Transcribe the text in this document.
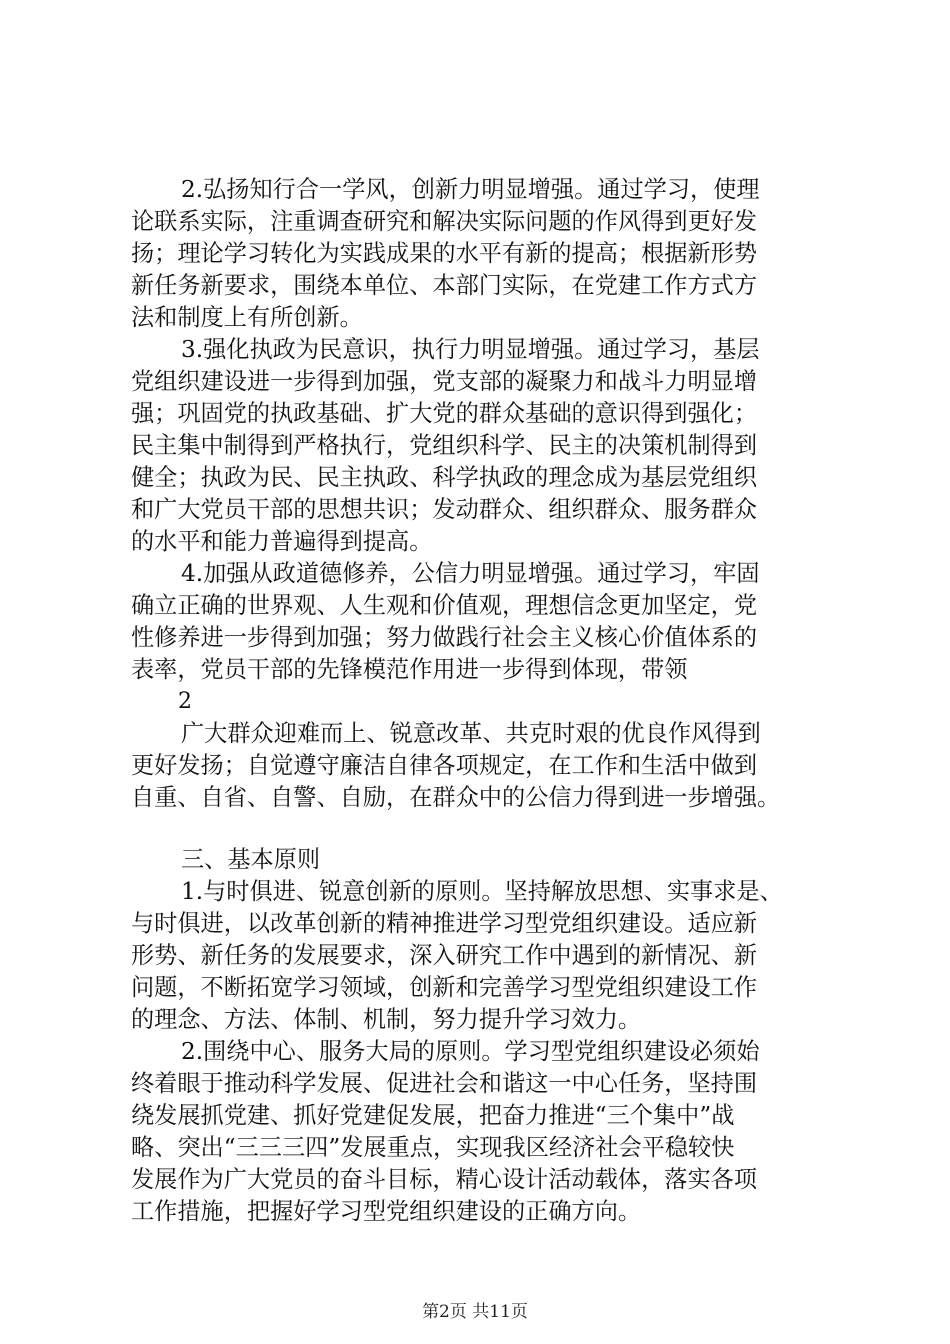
2.弘扬知行合一学风，创新力明显增强。通过学习，使理
论联系实际，注重调查研究和解决实际问题的作风得到更好发
扬；理论学习转化为实践成果的水平有新的提高；根据新形势
新任务新要求，围绕本单位、本部门实际，在党建工作方式方
法和制度上有所创新。
3.强化执政为民意识，执行力明显增强。通过学习，基层
党组织建设进一步得到加强，党支部的凝聚力和战斗力明显增
强；巩固党的执政基础、扩大党的群众基础的意识得到强化；
民主集中制得到严格执行，党组织科学、民主的决策机制得到
健全；执政为民、民主执政、科学执政的理念成为基层党组织
和广大党员干部的思想共识；发动群众、组织群众、服务群众
的水平和能力普遍得到提高。
4.加强从政道德修养，公信力明显增强。通过学习，牢固
确立正确的世界观、人生观和价值观，理想信念更加坚定，党
性修养进一步得到加强；努力做践行社会主义核心价值体系的
表率，党员干部的先锋模范作用进一步得到体现，带领
2
广大群众迎难而上、锐意改革、共克时艰的优良作风得到
更好发扬；自觉遵守廉洁自律各项规定，在工作和生活中做到
自重、自省、自警、自励，在群众中的公信力得到进一步增强。
三、基本原则
1.与时俱进、锐意创新的原则。坚持解放思想、实事求是、
与时俱进，以改革创新的精神推进学习型党组织建设。适应新
形势、新任务的发展要求，深入研究工作中遇到的新情况、新
问题，不断拓宽学习领域，创新和完善学习型党组织建设工作
的理念、方法、体制、机制，努力提升学习效力。
2.围绕中心、服务大局的原则。学习型党组织建设必须始
终着眼于推动科学发展、促进社会和谐这一中心任务，坚持围
绕发展抓党建、抓好党建促发展，把奋力推进“三个集中”战
略、突出“三三三四”发展重点，实现我区经济社会平稳较快
发展作为广大党员的奋斗目标，精心设计活动载体，落实各项
工作措施，把握好学习型党组织建设的正确方向。
第2页 共11页
